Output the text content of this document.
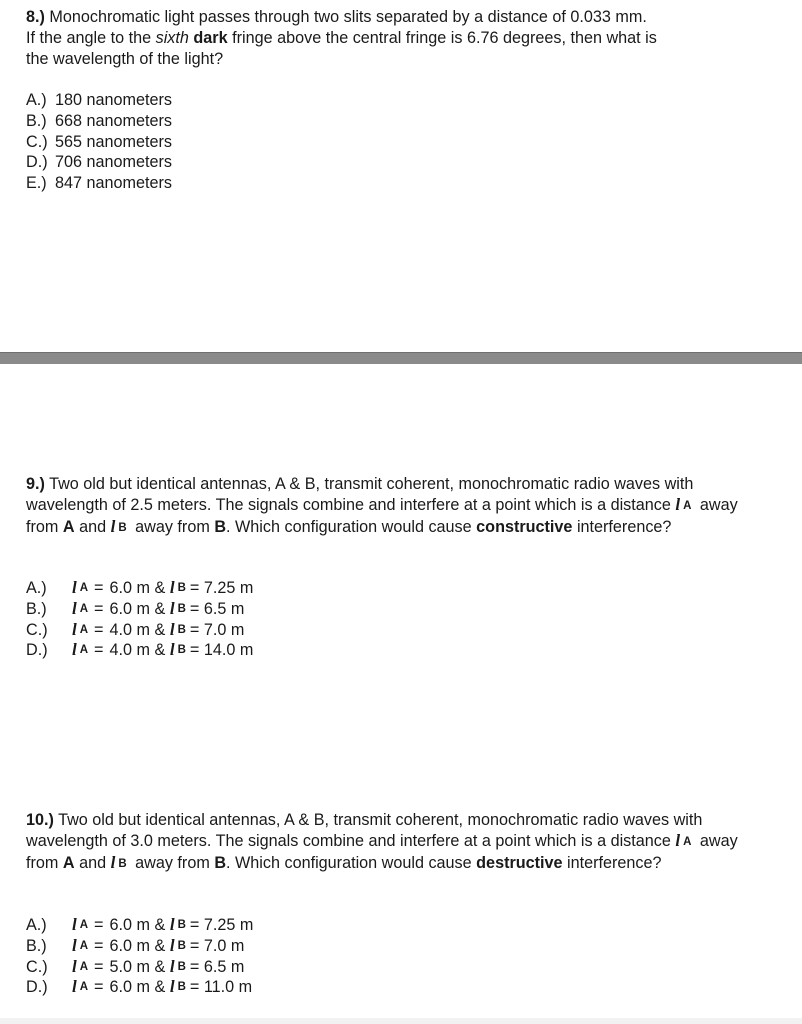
8.) Monochromatic light passes through two slits separated by a distance of 0.033 mm.
If the angle to the sixth dark fringe above the central fringe is 6.76 degrees, then what is
the wavelength of the light?

A.) 180 nanometers
B.) 668 nanometers
C.) 565 nanometers
D.) 706 nanometers
E.) 847 nanometers

9.) Two old but identical antennas, A & B, transmit coherent, monochromatic radio waves with wavelength of 2.5 meters. The signals combine and interfere at a point which is a distance l A away from A and l B away from B. Which configuration would cause constructive interference?

A.)	l A = 6.0 m
&
l B = 7.25 m
B.)	l A = 6.0 m
&
l B = 6.5 m
C.)	l A = 4.0 m
&
l B = 7.0 m
D.)	l A = 4.0 m
&
l B = 14.0 m

10.) Two old but identical antennas, A & B, transmit coherent, monochromatic radio waves with wavelength of 3.0 meters. The signals combine and interfere at a point which is a distance l A away from A and l B away from B. Which configuration would cause destructive interference?

A.)	l A = 6.0 m
&
l B = 7.25 m
B.)	l A = 6.0 m
&
l B = 7.0 m
C.)	l A = 5.0 m
&
l B = 6.5 m
D.)	l A = 6.0 m
&
l B = 11.0 m
